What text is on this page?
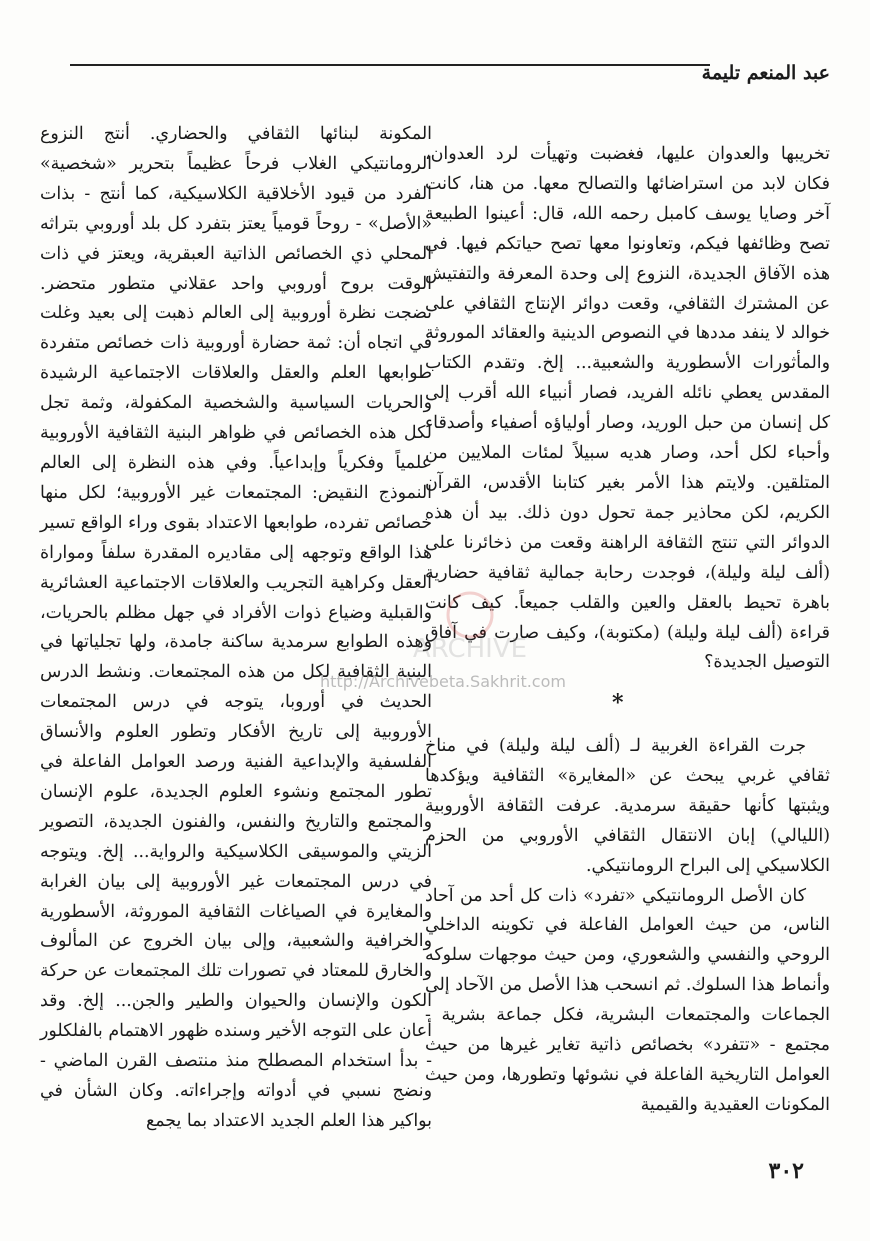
عبد المنعم تليمة

تخريبها والعدوان عليها، فغضبت وتهيأت لرد العدوان، فكان لابد من استراضائها والتصالح معها. من هنا، كانت آخر وصايا يوسف كامبل رحمه الله، قال: أعينوا الطبيعة تصح وظائفها فيكم، وتعاونوا معها تصح حياتكم فيها. في هذه الآفاق الجديدة، النزوع إلى وحدة المعرفة والتفتيش عن المشترك الثقافي، وقعت دوائر الإنتاج الثقافي على خوالد لا ينفد مددها في النصوص الدينية والعقائد الموروثة والمأثورات الأسطورية والشعبية... إلخ. وتقدم الكتاب المقدس يعطي نائله الفريد، فصار أنبياء الله أقرب إلى كل إنسان من حبل الوريد، وصار أولياؤه أصفياء وأصدقاء وأحباء لكل أحد، وصار هديه سبيلاً لمئات الملايين من المتلقين. ولايتم هذا الأمر بغير كتابنا الأقدس، القرآن الكريم، لكن محاذير جمة تحول دون ذلك. بيد أن هذه الدوائر التي تنتج الثقافة الراهنة وقعت من ذخائرنا على (ألف ليلة وليلة)، فوجدت رحابة جمالية ثقافية حضارية باهرة تحيط بالعقل والعين والقلب جميعاً. كيف كانت قراءة (ألف ليلة وليلة) (مكتوبة)، وكيف صارت في آفاق التوصيل الجديدة؟

*

جرت القراءة الغربية لـ (ألف ليلة وليلة) في مناخ ثقافي غربي يبحث عن «المغايرة» الثقافية ويؤكدها ويثبتها كأنها حقيقة سرمدية. عرفت الثقافة الأوروبية (الليالي) إبان الانتقال الثقافي الأوروبي من الحزم الكلاسيكي إلى البراح الرومانتيكي.

كان الأصل الرومانتيكي «تفرد» ذات كل أحد من آحاد الناس، من حيث العوامل الفاعلة في تكوينه الداخلي الروحي والنفسي والشعوري، ومن حيث موجهات سلوكه وأنماط هذا السلوك. ثم انسحب هذا الأصل من الآحاد إلى الجماعات والمجتمعات البشرية، فكل جماعة بشرية - مجتمع - «تتفرد» بخصائص ذاتية تغاير غيرها من حيث العوامل التاريخية الفاعلة في نشوئها وتطورها، ومن حيث المكونات العقيدية والقيمية

المكونة لبنائها الثقافي والحضاري. أنتج النزوع الرومانتيكي الغلاب فرحاً عظيماً بتحرير «شخصية» الفرد من قيود الأخلاقية الكلاسيكية، كما أنتج - بذات «الأصل» - روحاً قومياً يعتز بتفرد كل بلد أوروبي بتراثه المحلي ذي الخصائص الذاتية العبقرية، ويعتز في ذات الوقت بروح أوروبي واحد عقلاني متطور متحضر. نضجت نظرة أوروبية إلى العالم ذهبت إلى بعيد وغلت في اتجاه أن: ثمة حضارة أوروبية ذات خصائص متفردة طوابعها العلم والعقل والعلاقات الاجتماعية الرشيدة والحريات السياسية والشخصية المكفولة، وثمة تجل لكل هذه الخصائص في ظواهر البنية الثقافية الأوروبية علمياً وفكرياً وإبداعياً. وفي هذه النظرة إلى العالم النموذج النقيض: المجتمعات غير الأوروبية؛ لكل منها خصائص تفرده، طوابعها الاعتداد بقوى وراء الواقع تسير هذا الواقع وتوجهه إلى مقاديره المقدرة سلفاً ومواراة العقل وكراهية التجريب والعلاقات الاجتماعية العشائرية والقبلية وضياع ذوات الأفراد في جهل مظلم بالحريات، وهذه الطوابع سرمدية ساكنة جامدة، ولها تجلياتها في البنية الثقافية لكل من هذه المجتمعات. ونشط الدرس الحديث في أوروبا، يتوجه في درس المجتمعات الأوروبية إلى تاريخ الأفكار وتطور العلوم والأنساق الفلسفية والإبداعية الفنية ورصد العوامل الفاعلة في تطور المجتمع ونشوء العلوم الجديدة، علوم الإنسان والمجتمع والتاريخ والنفس، والفنون الجديدة، التصوير الزيتي والموسيقى الكلاسيكية والرواية... إلخ. ويتوجه في درس المجتمعات غير الأوروبية إلى بيان الغرابة والمغايرة في الصياغات الثقافية الموروثة، الأسطورية والخرافية والشعبية، وإلى بيان الخروج عن المألوف والخارق للمعتاد في تصورات تلك المجتمعات عن حركة الكون والإنسان والحيوان والطير والجن... إلخ. وقد أعان على التوجه الأخير وسنده ظهور الاهتمام بالفلكلور - بدأ استخدام المصطلح منذ منتصف القرن الماضي - ونضج نسبي في أدواته وإجراءاته. وكان الشأن في بواكير هذا العلم الجديد الاعتداد بما يجمع

ARCHIVE
http://Archivebeta.Sakhrit.com
٣٠٢
